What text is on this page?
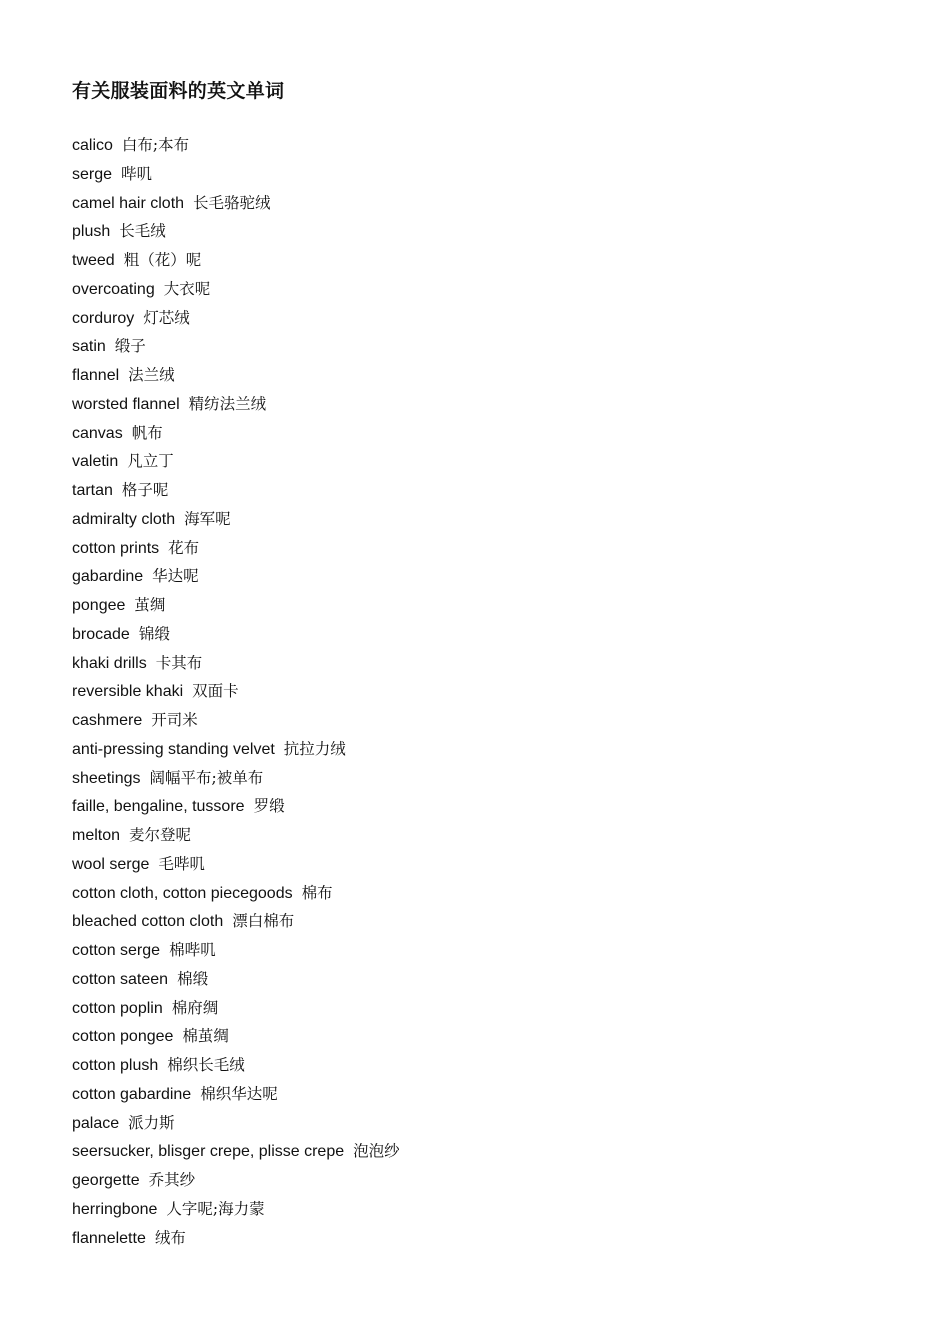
有关服装面料的英文单词
calico 白布;本布
serge 哔叽
camel hair cloth 长毛骆驼绒
plush 长毛绒
tweed 粗（花）呢
overcoating 大衣呢
corduroy 灯芯绒
satin 缎子
flannel 法兰绒
worsted flannel 精纺法兰绒
canvas 帆布
valetin 凡立丁
tartan 格子呢
admiralty cloth 海军呢
cotton prints 花布
gabardine 华达呢
pongee 茧绸
brocade 锦缎
khaki drills 卡其布
reversible khaki 双面卡
cashmere 开司米
anti-pressing standing velvet 抗拉力绒
sheetings 阔幅平布;被单布
faille, bengaline, tussore 罗缎
melton 麦尔登呢
wool serge 毛哔叽
cotton cloth, cotton piecegoods 棉布
bleached cotton cloth 漂白棉布
cotton serge 棉哔叽
cotton sateen 棉缎
cotton poplin 棉府绸
cotton pongee 棉茧绸
cotton plush 棉织长毛绒
cotton gabardine 棉织华达呢
palace 派力斯
seersucker, blisger crepe, plisse crepe 泡泡纱
georgette 乔其纱
herringbone 人字呢;海力蒙
flannelette 绒布
